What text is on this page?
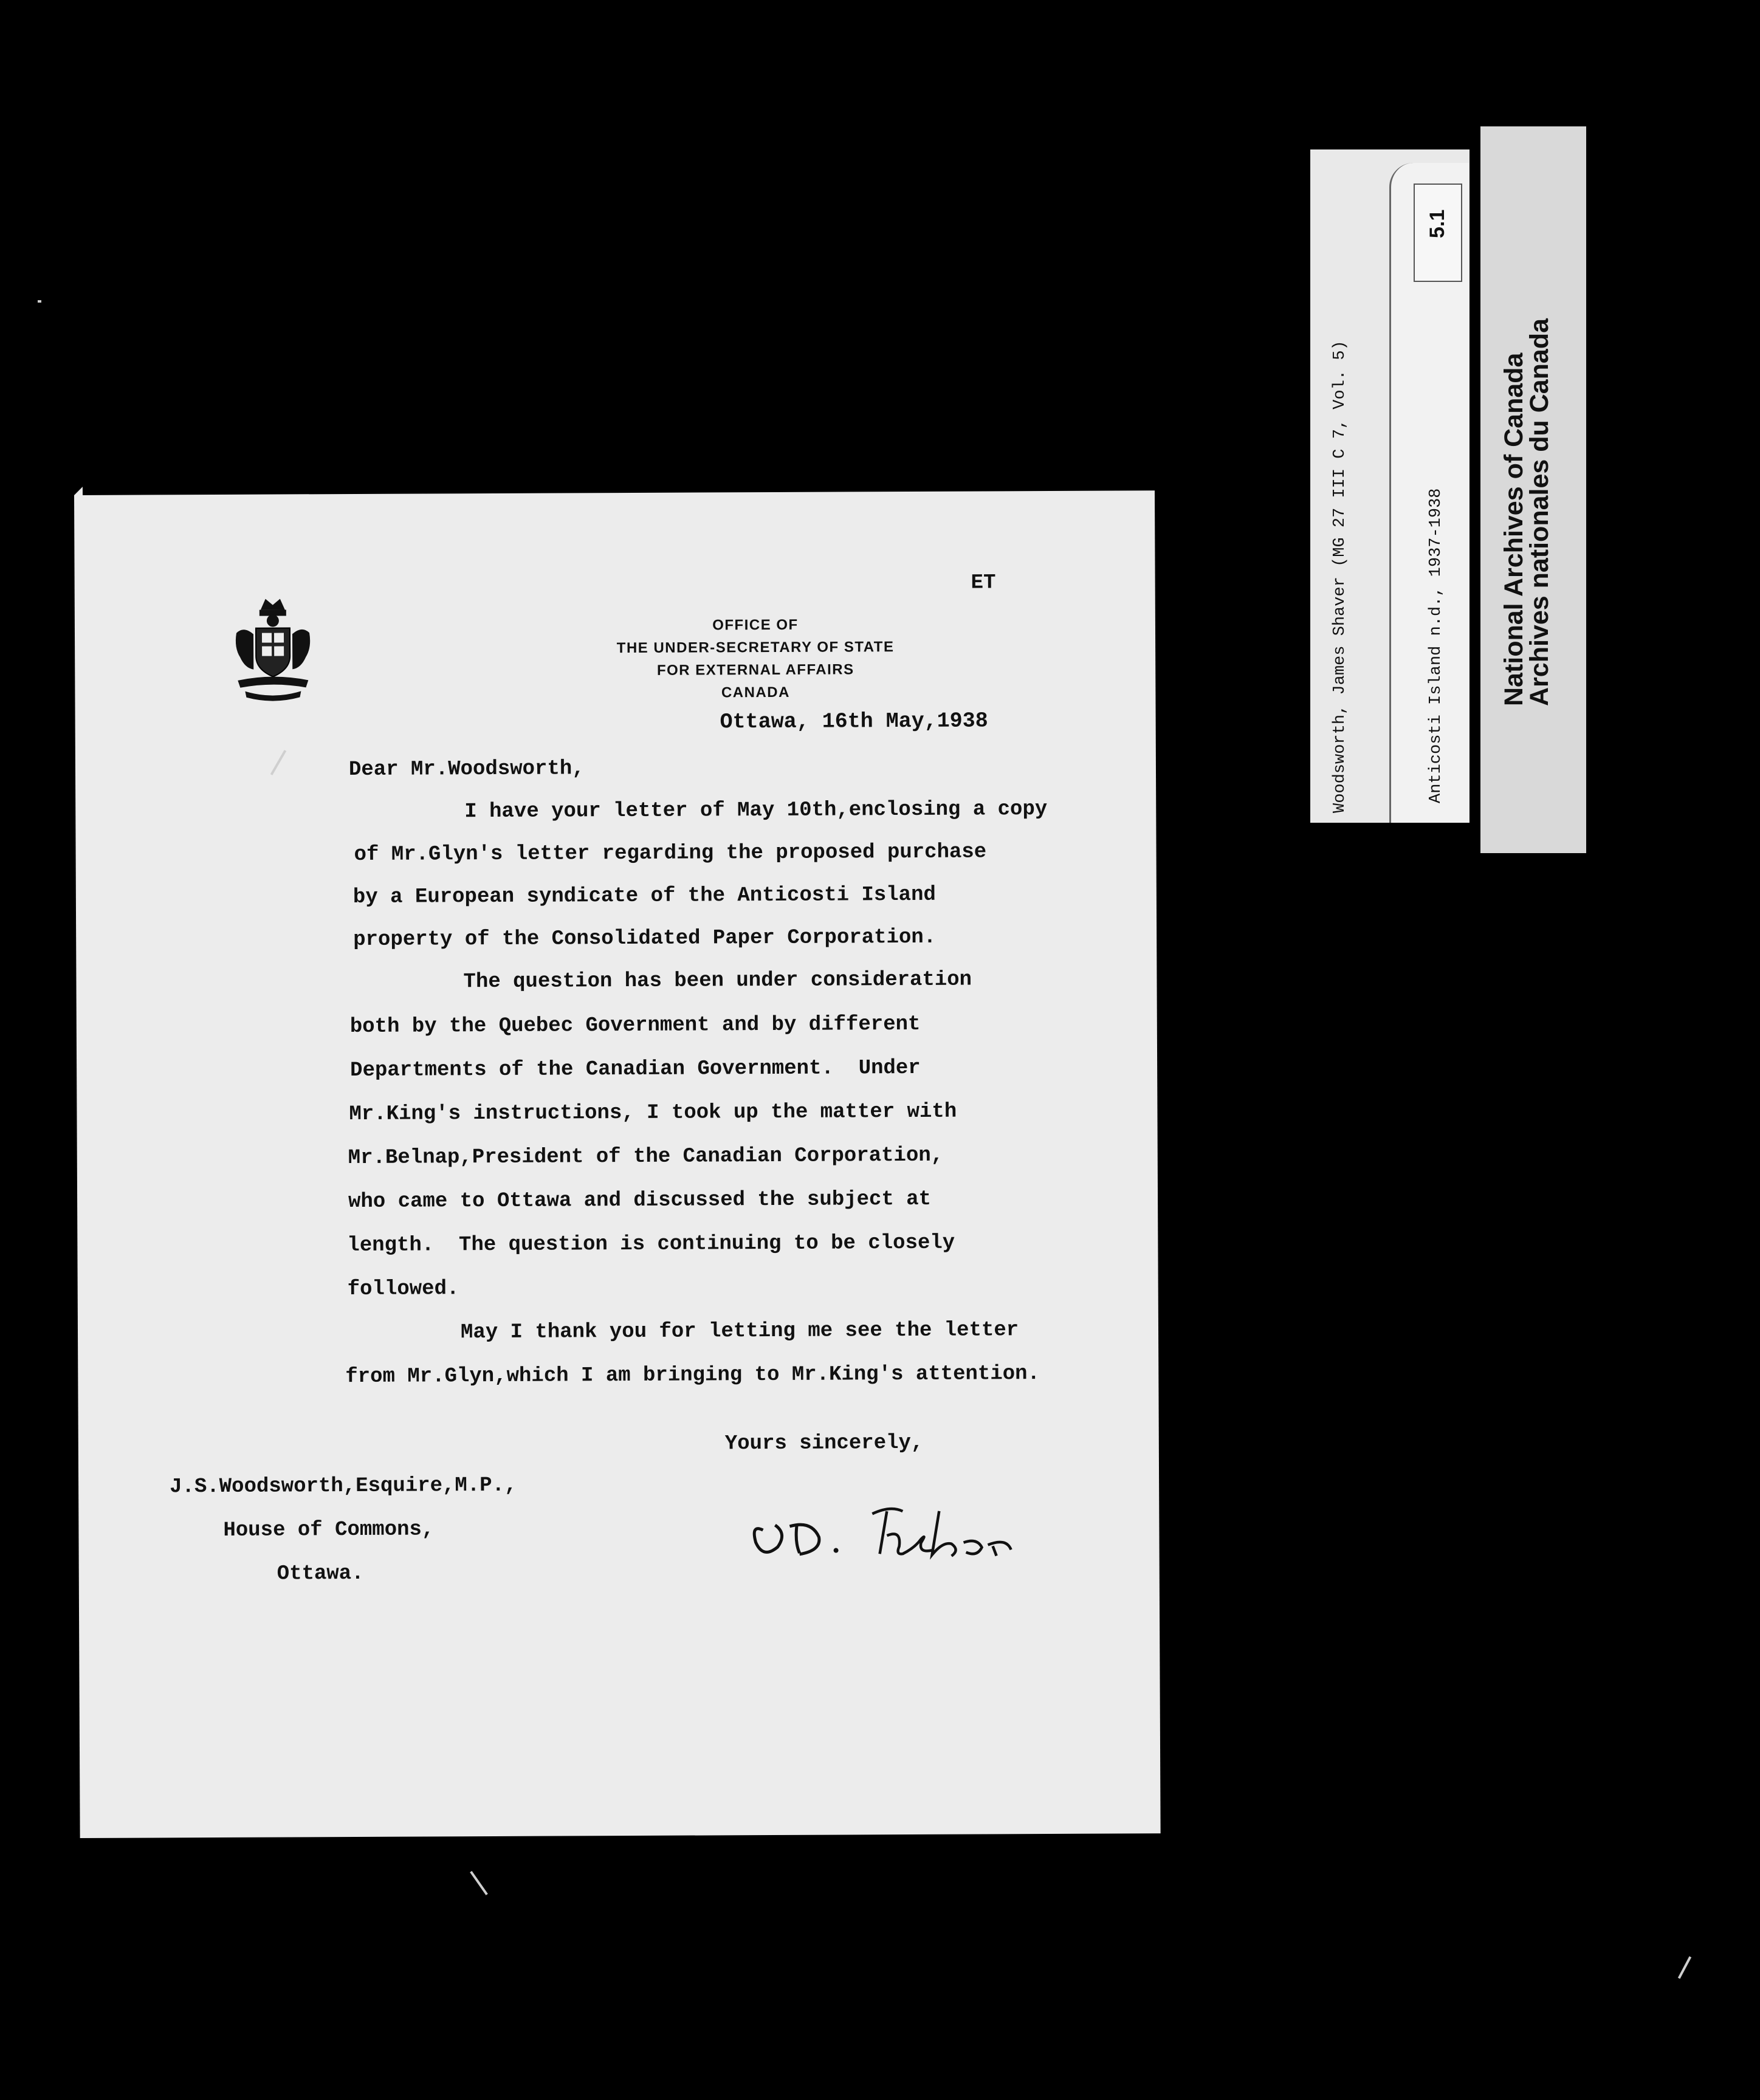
ET
OFFICE OF
THE UNDER-SECRETARY OF STATE
FOR EXTERNAL AFFAIRS
CANADA
Ottawa, 16th May,1938

Dear Mr.Woodsworth,

I have your letter of May 10th,enclosing a copy

of Mr.Glyn's letter regarding the proposed purchase

by a European syndicate of the Anticosti Island

property of the Consolidated Paper Corporation.

The question has been under consideration

both by the Quebec Government and by different

Departments of the Canadian Government.  Under

Mr.King's instructions, I took up the matter with

Mr.Belnap,President of the Canadian Corporation,

who came to Ottawa and discussed the subject at

length.  The question is continuing to be closely

followed.

May I thank you for letting me see the letter

from Mr.Glyn,which I am bringing to Mr.King's attention.

Yours sincerely,
J.S.Woodsworth,Esquire,M.P.,
House of Commons,
Ottawa.
Woodsworth, James Shaver (MG 27 III C 7, Vol. 5)	Anticosti Island n.d., 1937-1938
5.1
National Archives of Canada
Archives nationales du Canada
